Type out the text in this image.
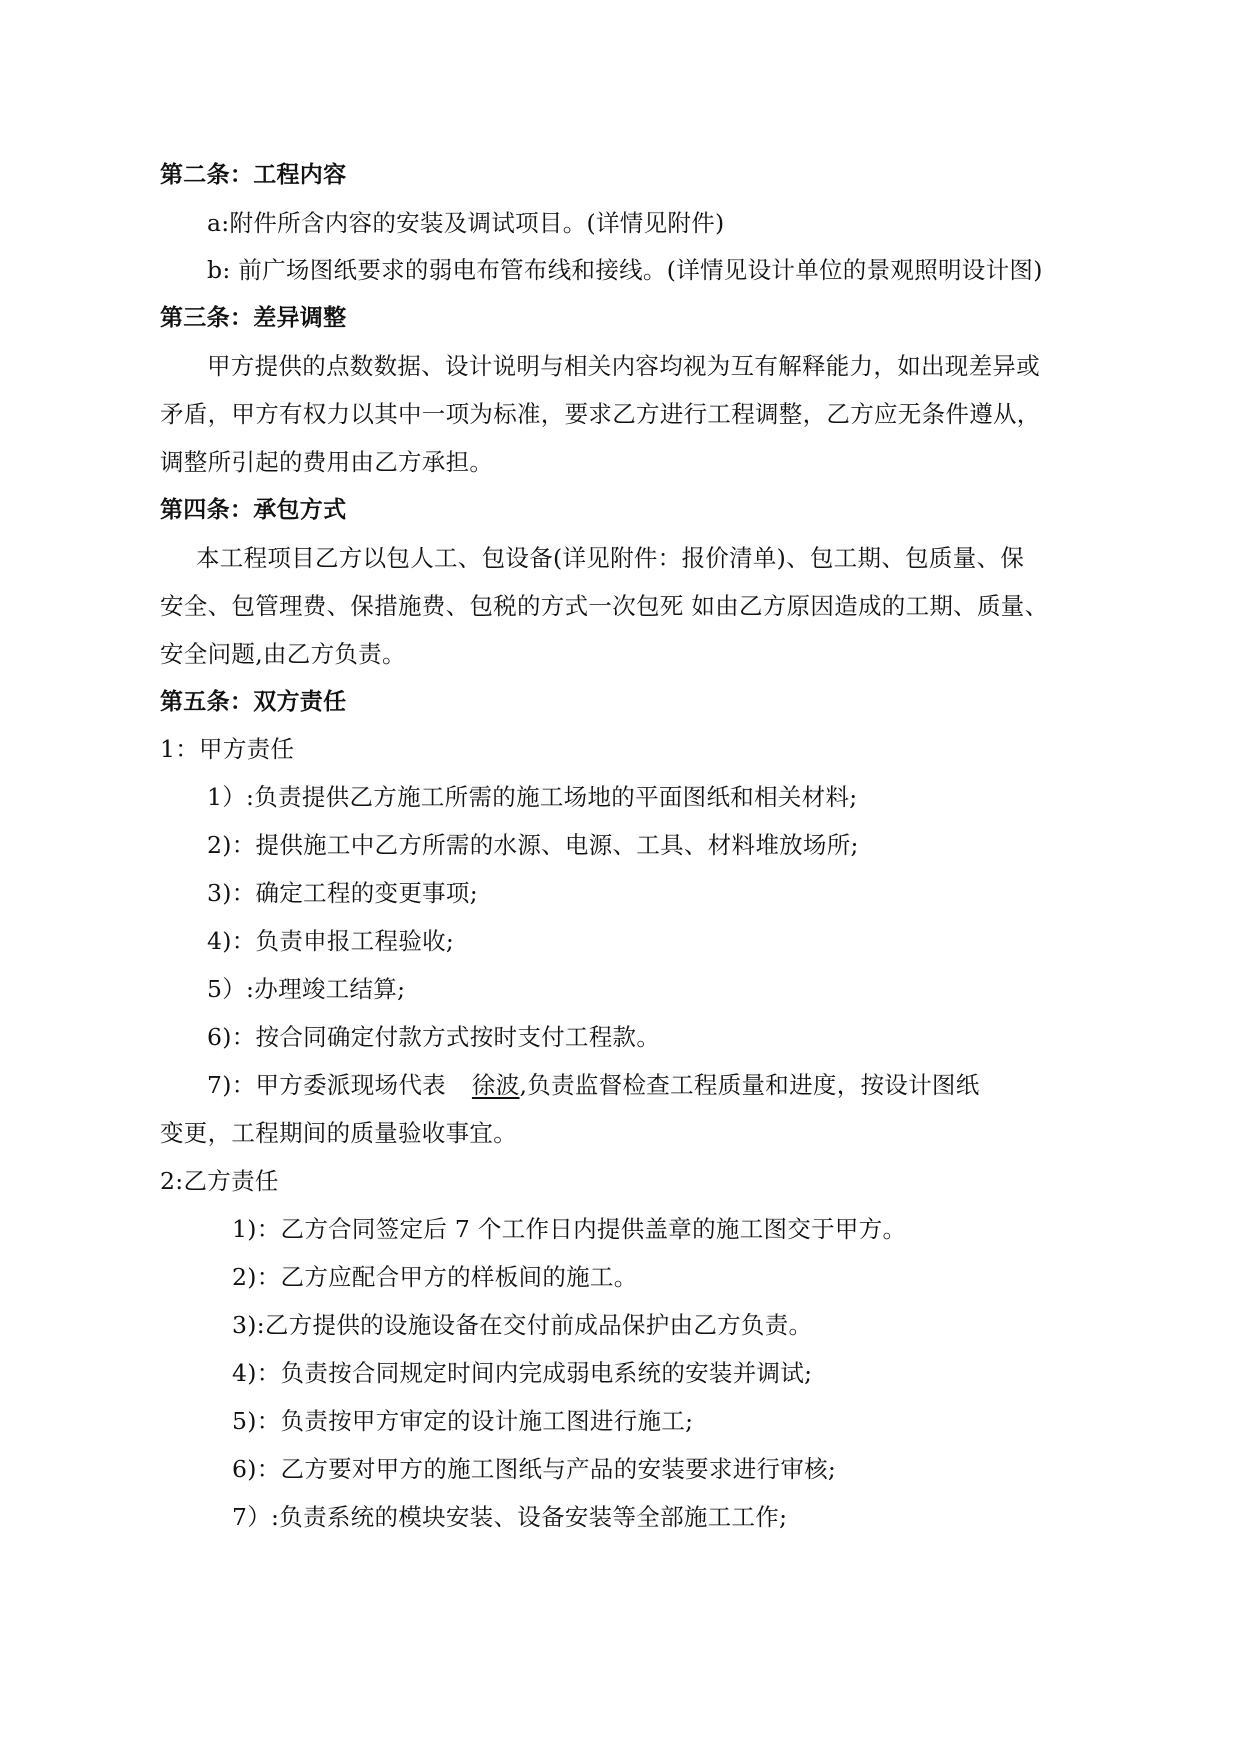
第二条：工程内容
a:附件所含内容的安装及调试项目。(详情见附件)
b: 前广场图纸要求的弱电布管布线和接线。(详情见设计单位的景观照明设计图)
第三条：差异调整
甲方提供的点数数据、设计说明与相关内容均视为互有解释能力，如出现差异或
矛盾，甲方有权力以其中一项为标准，要求乙方进行工程调整，乙方应无条件遵从，
调整所引起的费用由乙方承担。
第四条：承包方式
本工程项目乙方以包人工、包设备(详见附件：报价清单)、包工期、包质量、保
安全、包管理费、保措施费、包税的方式一次包死 如由乙方原因造成的工期、质量、
安全问题,由乙方负责。
第五条：双方责任
1：甲方责任
1）:负责提供乙方施工所需的施工场地的平面图纸和相关材料;
2)：提供施工中乙方所需的水源、电源、工具、材料堆放场所;
3)：确定工程的变更事项;
4)：负责申报工程验收;
5）:办理竣工结算;
6)：按合同确定付款方式按时支付工程款。
7)：甲方委派现场代表 徐波,负责监督检查工程质量和进度，按设计图纸
变更，工程期间的质量验收事宜。
2:乙方责任
1)：乙方合同签定后 7 个工作日内提供盖章的施工图交于甲方。
2)：乙方应配合甲方的样板间的施工。
3):乙方提供的设施设备在交付前成品保护由乙方负责。
4)：负责按合同规定时间内完成弱电系统的安装并调试;
5)：负责按甲方审定的设计施工图进行施工;
6)：乙方要对甲方的施工图纸与产品的安装要求进行审核;
7）:负责系统的模块安装、设备安装等全部施工工作;
